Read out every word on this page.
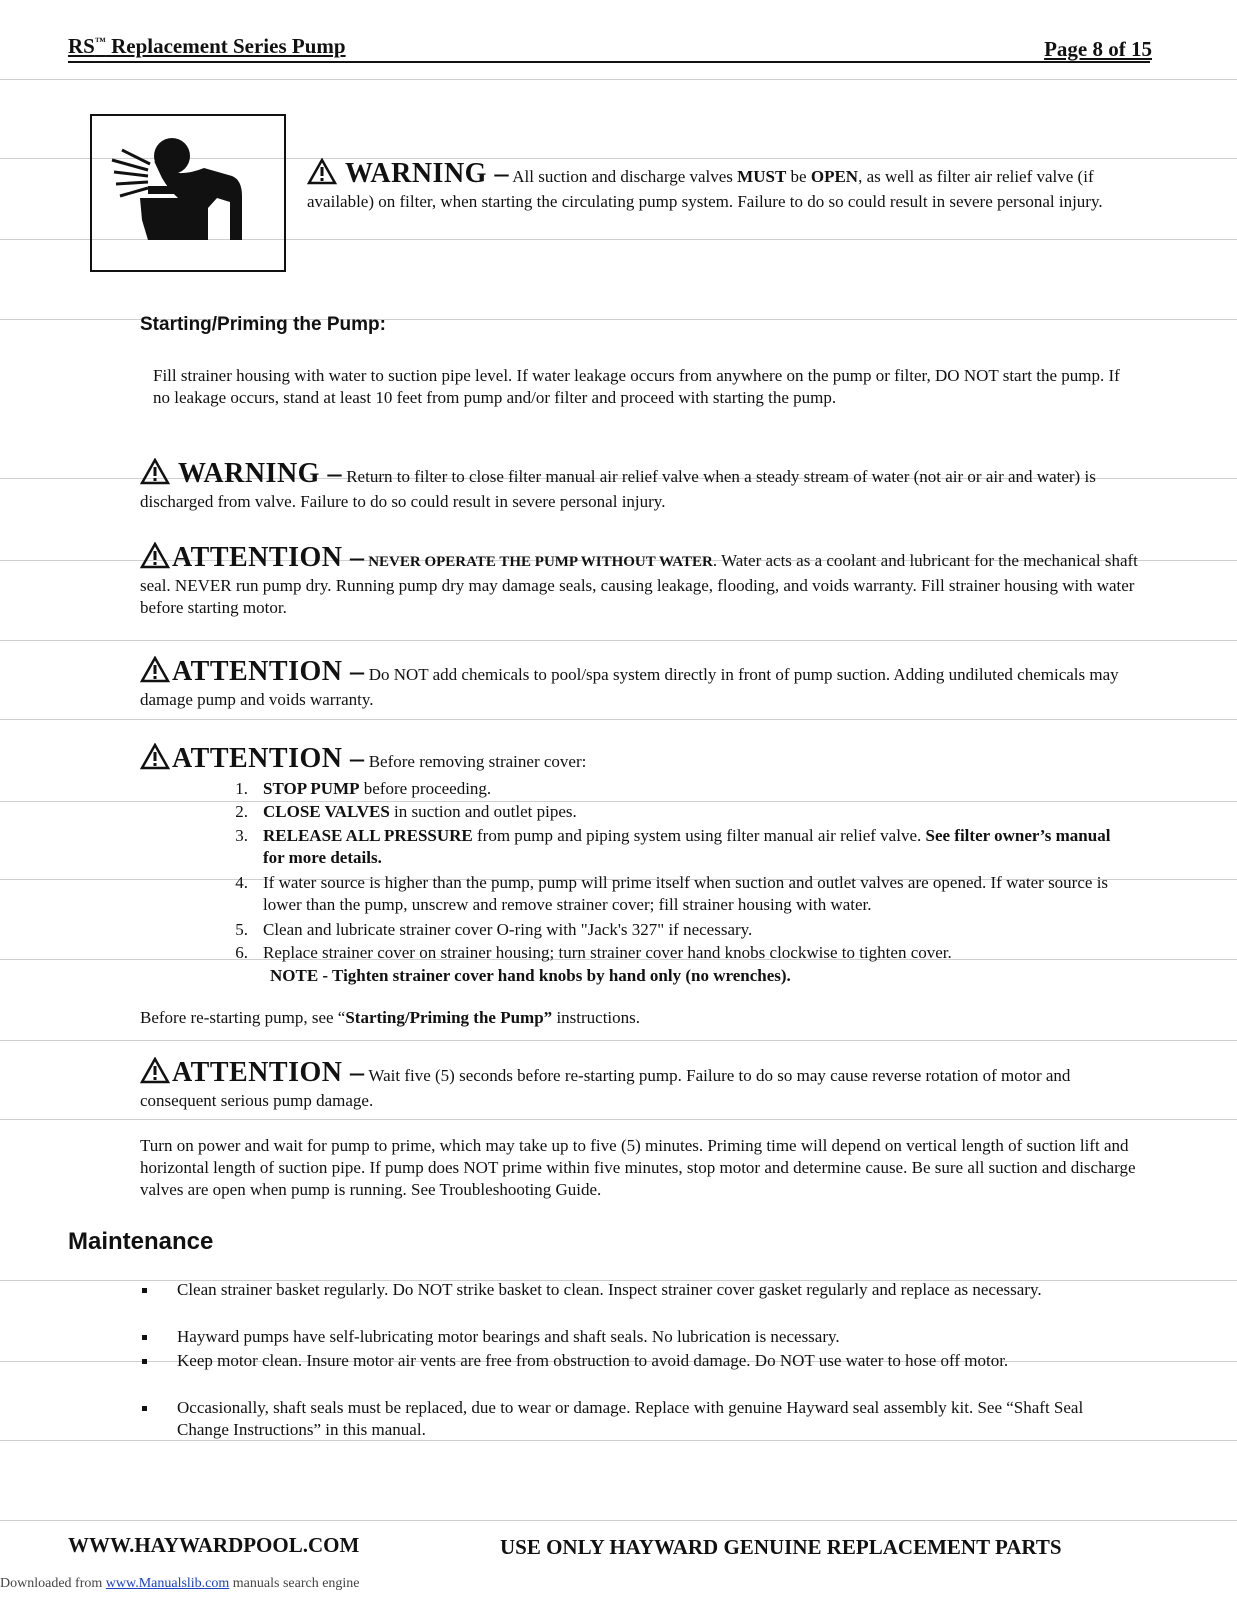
RS™ Replacement Series Pump	Page 8 of 15
WARNING – All suction and discharge valves MUST be OPEN, as well as filter air relief valve (if available) on filter, when starting the circulating pump system. Failure to do so could result in severe personal injury.
Starting/Priming the Pump:
Fill strainer housing with water to suction pipe level. If water leakage occurs from anywhere on the pump or filter, DO NOT start the pump. If no leakage occurs, stand at least 10 feet from pump and/or filter and proceed with starting the pump.
WARNING – Return to filter to close filter manual air relief valve when a steady stream of water (not air or air and water) is discharged from valve. Failure to do so could result in severe personal injury.
ATTENTION – NEVER OPERATE THE PUMP WITHOUT WATER. Water acts as a coolant and lubricant for the mechanical shaft seal. NEVER run pump dry. Running pump dry may damage seals, causing leakage, flooding, and voids warranty. Fill strainer housing with water before starting motor.
ATTENTION – Do NOT add chemicals to pool/spa system directly in front of pump suction. Adding undiluted chemicals may damage pump and voids warranty.
ATTENTION – Before removing strainer cover:
1. STOP PUMP before proceeding.
2. CLOSE VALVES in suction and outlet pipes.
3. RELEASE ALL PRESSURE from pump and piping system using filter manual air relief valve. See filter owner’s manual for more details.
4. If water source is higher than the pump, pump will prime itself when suction and outlet valves are opened. If water source is lower than the pump, unscrew and remove strainer cover; fill strainer housing with water.
5. Clean and lubricate strainer cover O-ring with "Jack's 327" if necessary.
6. Replace strainer cover on strainer housing; turn strainer cover hand knobs clockwise to tighten cover.
NOTE - Tighten strainer cover hand knobs by hand only (no wrenches).
Before re-starting pump, see “Starting/Priming the Pump” instructions.
ATTENTION – Wait five (5) seconds before re-starting pump. Failure to do so may cause reverse rotation of motor and consequent serious pump damage.
Turn on power and wait for pump to prime, which may take up to five (5) minutes. Priming time will depend on vertical length of suction lift and horizontal length of suction pipe. If pump does NOT prime within five minutes, stop motor and determine cause. Be sure all suction and discharge valves are open when pump is running. See Troubleshooting Guide.
Maintenance
Clean strainer basket regularly. Do NOT strike basket to clean. Inspect strainer cover gasket regularly and replace as necessary.
Hayward pumps have self-lubricating motor bearings and shaft seals. No lubrication is necessary.
Keep motor clean. Insure motor air vents are free from obstruction to avoid damage. Do NOT use water to hose off motor.
Occasionally, shaft seals must be replaced, due to wear or damage. Replace with genuine Hayward seal assembly kit. See “Shaft Seal Change Instructions” in this manual.
WWW.HAYWARDPOOL.COM	USE ONLY HAYWARD GENUINE REPLACEMENT PARTS
Downloaded from www.Manualslib.com manuals search engine
